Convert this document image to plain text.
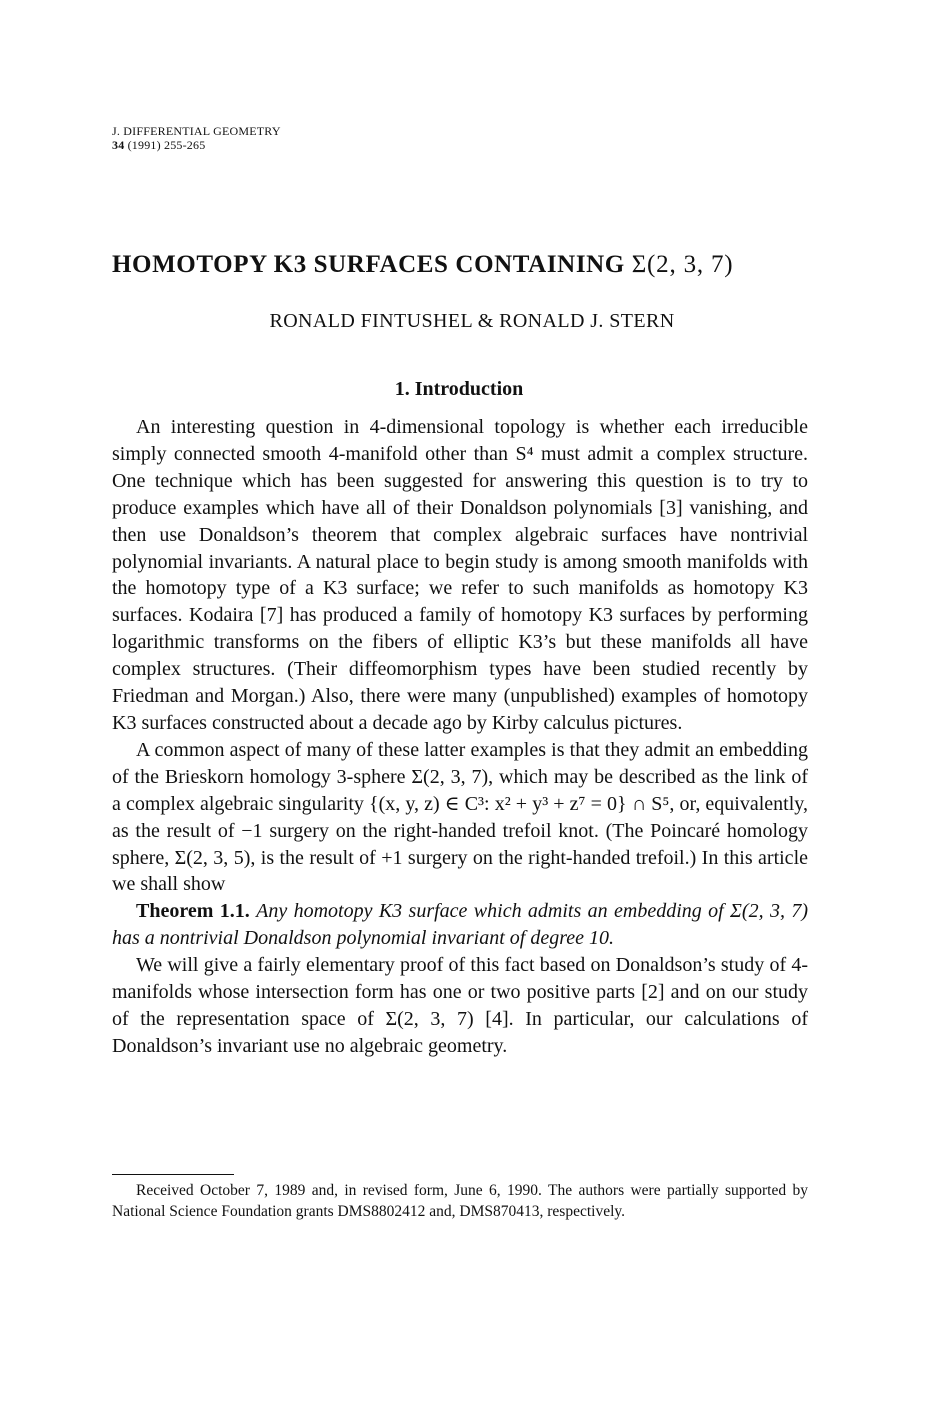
J. DIFFERENTIAL GEOMETRY
34 (1991) 255-265
HOMOTOPY K3 SURFACES CONTAINING Σ(2, 3, 7)
RONALD FINTUSHEL & RONALD J. STERN
1. Introduction

An interesting question in 4-dimensional topology is whether each irreducible simply connected smooth 4-manifold other than S⁴ must admit a complex structure. One technique which has been suggested for answering this question is to try to produce examples which have all of their Donaldson polynomials [3] vanishing, and then use Donaldson’s theorem that complex algebraic surfaces have nontrivial polynomial invariants. A natural place to begin study is among smooth manifolds with the homotopy type of a K3 surface; we refer to such manifolds as homotopy K3 surfaces. Kodaira [7] has produced a family of homotopy K3 surfaces by performing logarithmic transforms on the fibers of elliptic K3’s but these manifolds all have complex structures. (Their diffeomorphism types have been studied recently by Friedman and Morgan.) Also, there were many (unpublished) examples of homotopy K3 surfaces constructed about a decade ago by Kirby calculus pictures.

A common aspect of many of these latter examples is that they admit an embedding of the Brieskorn homology 3-sphere Σ(2, 3, 7), which may be described as the link of a complex algebraic singularity {(x, y, z) ∈ C³: x² + y³ + z⁷ = 0} ∩ S⁵, or, equivalently, as the result of −1 surgery on the right-handed trefoil knot. (The Poincaré homology sphere, Σ(2, 3, 5), is the result of +1 surgery on the right-handed trefoil.) In this article we shall show

Theorem 1.1. Any homotopy K3 surface which admits an embedding of Σ(2, 3, 7) has a nontrivial Donaldson polynomial invariant of degree 10.

We will give a fairly elementary proof of this fact based on Donaldson’s study of 4-manifolds whose intersection form has one or two positive parts [2] and on our study of the representation space of Σ(2, 3, 7) [4]. In particular, our calculations of Donaldson’s invariant use no algebraic geometry.

Received October 7, 1989 and, in revised form, June 6, 1990. The authors were partially supported by National Science Foundation grants DMS8802412 and, DMS870413, respectively.
